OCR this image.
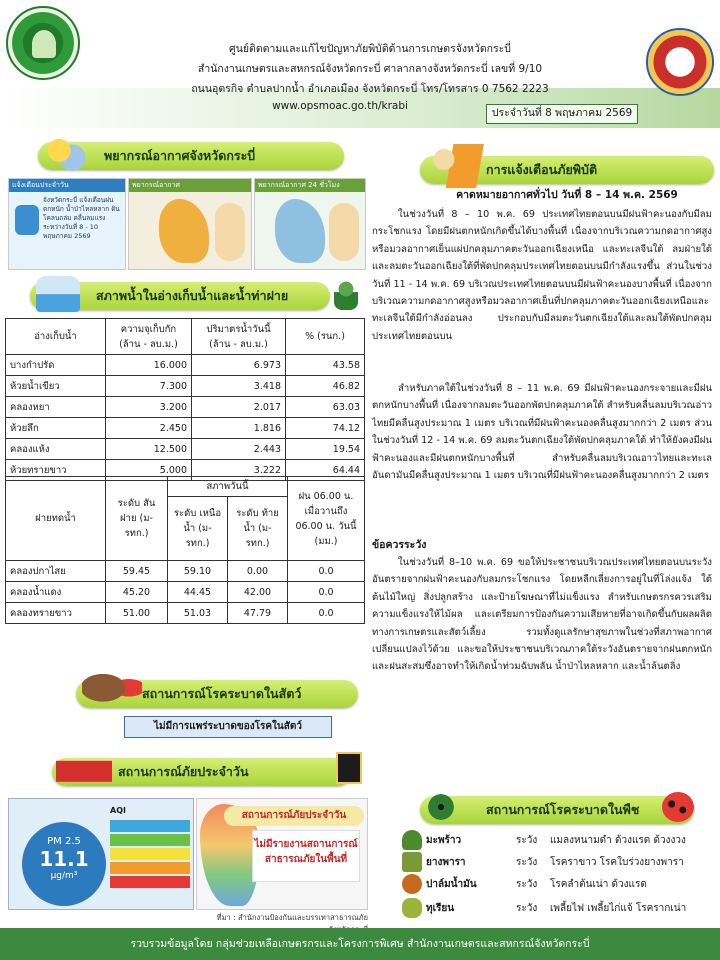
ศูนย์ติดตามและแก้ไขปัญหาภัยพิบัติด้านการเกษตรจังหวัดกระบี่
สำนักงานเกษตรและสหกรณ์จังหวัดกระบี่ ศาลากลางจังหวัดกระบี่ เลขที่ 9/10
ถนนอุตรกิจ ตำบลปากน้ำ อำเภอเมือง จังหวัดกระบี่ โทร/โทรสาร 0 7562 2223
www.opsmoac.go.th/krabi
ประจำวันที่ 8 พฤษภาคม 2569
พยากรณ์อากาศจังหวัดกระบี่
แจ้งเตือนประจำวัน
จังหวัดกระบี่ แจ้งเตือนฝนตกหนัก น้ำป่าไหลหลาก ดินโคลนถล่ม คลื่นลมแรง ระหว่างวันที่ 8 - 10 พฤษภาคม 2569
พยากรณ์อากาศ	พยากรณ์อากาศ 24 ชั่วโมง
สภาพน้ำในอ่างเก็บน้ำและน้ำท่าฝาย
อ่างเก็บน้ำ	ความจุเก็บกัก (ล้าน - ลบ.ม.)	ปริมาตรน้ำวันนี้ (ล้าน - ลบ.ม.)	% (รนก.)
บางกำปรัด	16.000	6.973	43.58
ห้วยน้ำเขียว	7.300	3.418	46.82
คลองหยา	3.200	2.017	63.03
ห้วยลึก	2.450	1.816	74.12
คลองแห้ง	12.500	2.443	19.54
ห้วยทรายขาว	5.000	3.222	64.44
ฝายทดน้ำ	ระดับ สันฝาย (ม-รทก.)	สภาพวันนี้		ฝน 06.00 น. เมื่อวานถึง 06.00 น. วันนี้ (มม.)
		ระดับ เหนือน้ำ (ม-รทก.)	ระดับ ท้ายน้ำ (ม-รทก.)	
คลองปกาไสย	59.45	59.10	0.00	0.0
คลองน้ำแดง	45.20	44.45	42.00	0.0
คลองทรายขาว	51.00	51.03	47.79	0.0
สถานการณ์โรคระบาดในสัตว์
ไม่มีการแพร่ระบาดของโรคในสัตว์
สถานการณ์ภัยประจำวัน
PM 2.5
11.1
µg/m³
AQI	สถานการณ์ภัยประจำวัน
ไม่มีรายงานสถานการณ์สาธารณภัยในพื้นที่
ที่มา : สำนักงานป้องกันและบรรเทาสาธารณภัย
การแจ้งเตือนภัยพิบัติ
คาดหมายอากาศทั่วไป วันที่ 8 – 14 พ.ค. 2569
ในช่วงวันที่ 8 – 10 พ.ค. 69 ประเทศไทยตอนบนมีฝนฟ้าคะนองกับมีลมกระโชกแรง โดยมีฝนตกหนักเกิดขึ้นได้บางพื้นที่ เนื่องจากบริเวณความกดอากาศสูงหรือมวลอากาศเย็นแผ่ปกคลุมภาคตะวันออกเฉียงเหนือ และทะเลจีนใต้ ลมฝ่ายใต้และลมตะวันออกเฉียงใต้ที่พัดปกคลุมประเทศไทยตอนบนมีกำลังแรงขึ้น ส่วนในช่วงวันที่ 11 - 14 พ.ค. 69 บริเวณประเทศไทยตอนบนมีฝนฟ้าคะนองบางพื้นที่ เนื่องจากบริเวณความกดอากาศสูงหรือมวลอากาศเย็นที่ปกคลุมภาคตะวันออกเฉียงเหนือและทะเลจีนใต้มีกำลังอ่อนลง ประกอบกับมีลมตะวันตกเฉียงใต้และลมใต้พัดปกคลุมประเทศไทยตอนบน
สำหรับภาคใต้ในช่วงวันที่ 8 – 11 พ.ค. 69 มีฝนฟ้าคะนองกระจายและมีฝนตกหนักบางพื้นที่ เนื่องจากลมตะวันออกพัดปกคลุมภาคใต้ สำหรับคลื่นลมบริเวณอ่าวไทยมีคลื่นสูงประมาณ 1 เมตร บริเวณที่มีฝนฟ้าคะนองคลื่นสูงมากกว่า 2 เมตร ส่วนในช่วงวันที่ 12 - 14 พ.ค. 69 ลมตะวันตกเฉียงใต้พัดปกคลุมภาคใต้ ทำให้ยังคงมีฝนฟ้าคะนองและมีฝนตกหนักบางพื้นที่ สำหรับคลื่นลมบริเวณอาวไทยและทะเลอันดามันมีคลื่นสูงประมาณ 1 เมตร บริเวณที่มีฝนฟ้าคะนองคลื่นสูงมากกว่า 2 เมตร
ข้อควรระวัง
ในช่วงวันที่ 8–10 พ.ค. 69 ขอให้ประชาชนบริเวณประเทศไทยตอนบนระวังอันตรายจากฝนฟ้าคะนองกับลมกระโชกแรง โดยหลีกเลี่ยงการอยู่ในที่โล่งแจ้ง ใต้ต้นไม้ใหญ่ สิ่งปลูกสร้าง และป้ายโฆษณาที่ไม่แข็งแรง สำหรับเกษตรกรควรเสริมความแข็งแรงให้ไม้ผล และเตรียมการป้องกันความเสียหายที่อาจเกิดขึ้นกับผลผลิตทางการเกษตรและสัตว์เลี้ยง รวมทั้งดูแลรักษาสุขภาพในช่วงที่สภาพอากาศเปลี่ยนแปลงไว้ด้วย และขอให้ประชาชนบริเวณภาคใต้ระวังอันตรายจากฝนตกหนักและฝนสะสมซึ่งอาจทำให้เกิดน้ำท่วมฉับพลัน น้ำป่าไหลหลาก และน้ำล้นตลิ่ง
สถานการณ์โรคระบาดในพืช
มะพร้าว	ระวัง แมลงหนามดำ ด้วงแรด ด้วงงวง
ยางพารา	ระวัง โรคราขาว โรคใบร่วงยางพารา
ปาล์มน้ำมัน	ระวัง โรคลำต้นเน่า ด้วงแรด
ทุเรียน	ระวัง เพลี้ยไฟ เพลี้ยไก่แจ้ โรครากเน่า
รวบรวมข้อมูลโดย กลุ่มช่วยเหลือเกษตรกรและโครงการพิเศษ สำนักงานเกษตรและสหกรณ์จังหวัดกระบี่
